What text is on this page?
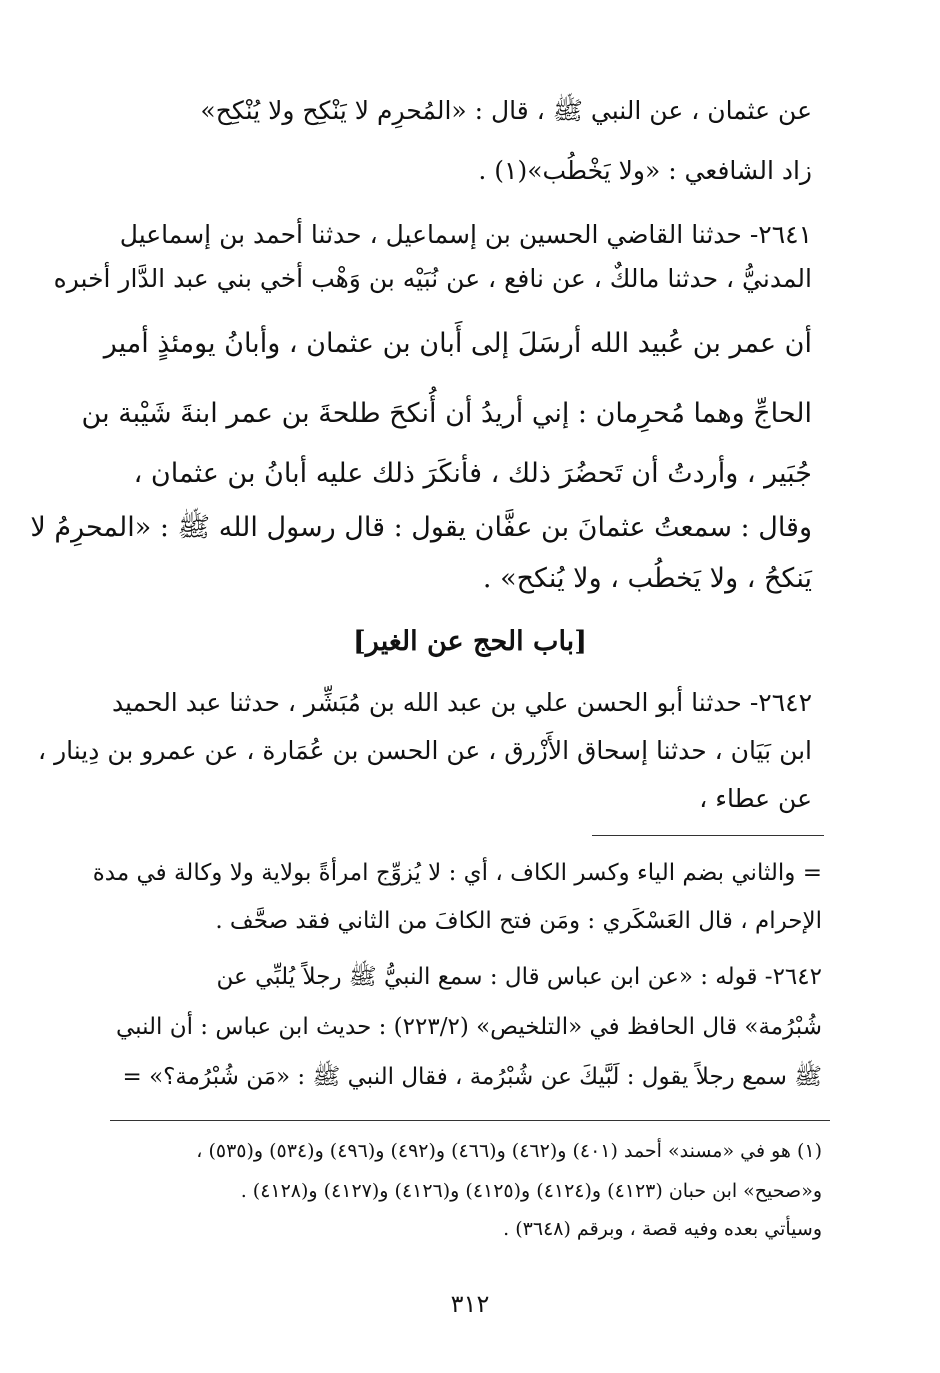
عن عثمان ، عن النبي ﷺ ، قال : «المُحرِم لا يَنْكِح ولا يُنْكِح»
زاد الشافعي : «ولا يَخْطُب»(١) .
٢٦٤١- حدثنا القاضي الحسين بن إسماعيل ، حدثنا أحمد بن إسماعيل
المدنيُّ ، حدثنا مالكٌ ، عن نافع ، عن نُبَيْه بن وَهْب أخي بني عبد الدَّار أخبره
أن عمر بن عُبيد الله أرسَلَ إلى أَبان بن عثمان ، وأبانُ يومئذٍ أمير
الحاجِّ وهما مُحرِمان : إني أريدُ أن أُنكحَ طلحةَ بن عمر ابنةَ شَيْبة بن
جُبَير ، وأردتُ أن تَحضُرَ ذلك ، فأنكَرَ ذلك عليه أبانُ بن عثمان ،
وقال : سمعتُ عثمانَ بن عفَّان يقول : قال رسول الله ﷺ : «المحرِمُ لا
يَنكحُ ، ولا يَخطُب ، ولا يُنكح» .
[باب الحج عن الغير]
٢٦٤٢- حدثنا أبو الحسن علي بن عبد الله بن مُبَشِّر ، حدثنا عبد الحميد
ابن بَيَان ، حدثنا إسحاق الأَزْرق ، عن الحسن بن عُمَارة ، عن عمرو بن دِينار ،
عن عطاء ،
= والثاني بضم الياء وكسر الكاف ، أي : لا يُزوِّج امرأةً بولاية ولا وكالة في مدة
الإحرام ، قال العَسْكَري : ومَن فتح الكافَ من الثاني فقد صحَّف .
٢٦٤٢- قوله : «عن ابن عباس قال : سمع النبيُّ ﷺ رجلاً يُلبِّي عن
شُبْرُمة» قال الحافظ في «التلخيص» (٢٢٣/٢) : حديث ابن عباس : أن النبي
ﷺ سمع رجلاً يقول : لَبَّيكَ عن شُبْرُمة ، فقال النبي ﷺ : «مَن شُبْرُمة؟» =
(١) هو في «مسند» أحمد (٤٠١) و(٤٦٢) و(٤٦٦) و(٤٩٢) و(٤٩٦) و(٥٣٤) و(٥٣٥) ،
و«صحيح» ابن حبان (٤١٢٣) و(٤١٢٤) و(٤١٢٥) و(٤١٢٦) و(٤١٢٧) و(٤١٢٨) .
وسيأتي بعده وفيه قصة ، وبرقم (٣٦٤٨) .
٣١٢
